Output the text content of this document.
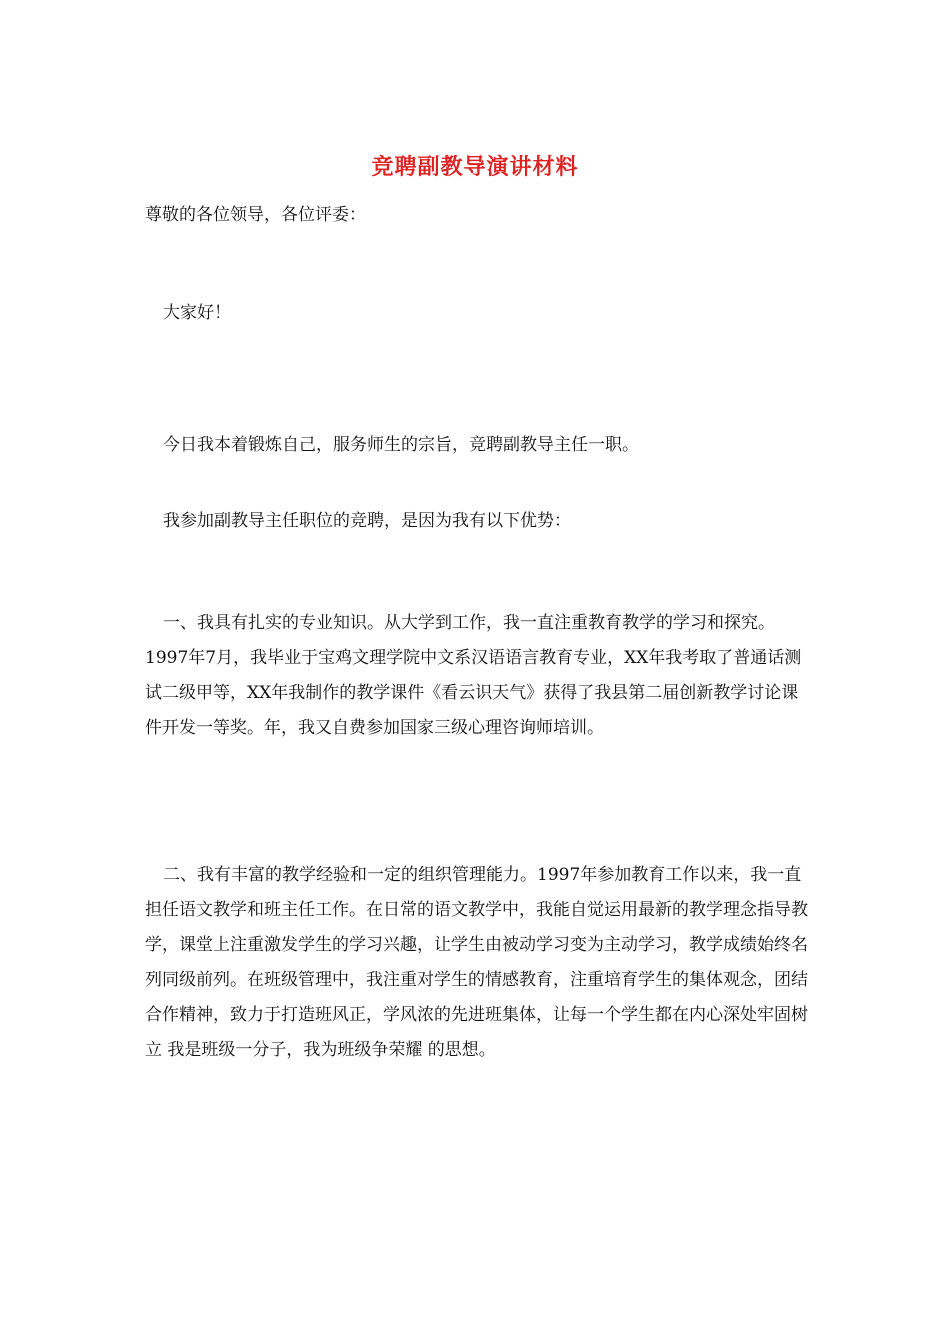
竞聘副教导演讲材料

尊敬的各位领导，各位评委：

大家好！

今日我本着锻炼自己，服务师生的宗旨，竞聘副教导主任一职。

我参加副教导主任职位的竞聘，是因为我有以下优势：

一、我具有扎实的专业知识。从大学到工作，我一直注重教育教学的学习和探究。1997年7月，我毕业于宝鸡文理学院中文系汉语语言教育专业，XX年我考取了普通话测试二级甲等，XX年我制作的教学课件《看云识天气》获得了我县第二届创新教学讨论课件开发一等奖。年，我又自费参加国家三级心理咨询师培训。

二、我有丰富的教学经验和一定的组织管理能力。1997年参加教育工作以来，我一直担任语文教学和班主任工作。在日常的语文教学中，我能自觉运用最新的教学理念指导教学，课堂上注重激发学生的学习兴趣，让学生由被动学习变为主动学习，教学成绩始终名列同级前列。在班级管理中，我注重对学生的情感教育，注重培育学生的集体观念，团结合作精神，致力于打造班风正，学风浓的先进班集体，让每一个学生都在内心深处牢固树立 我是班级一分子，我为班级争荣耀 的思想。
